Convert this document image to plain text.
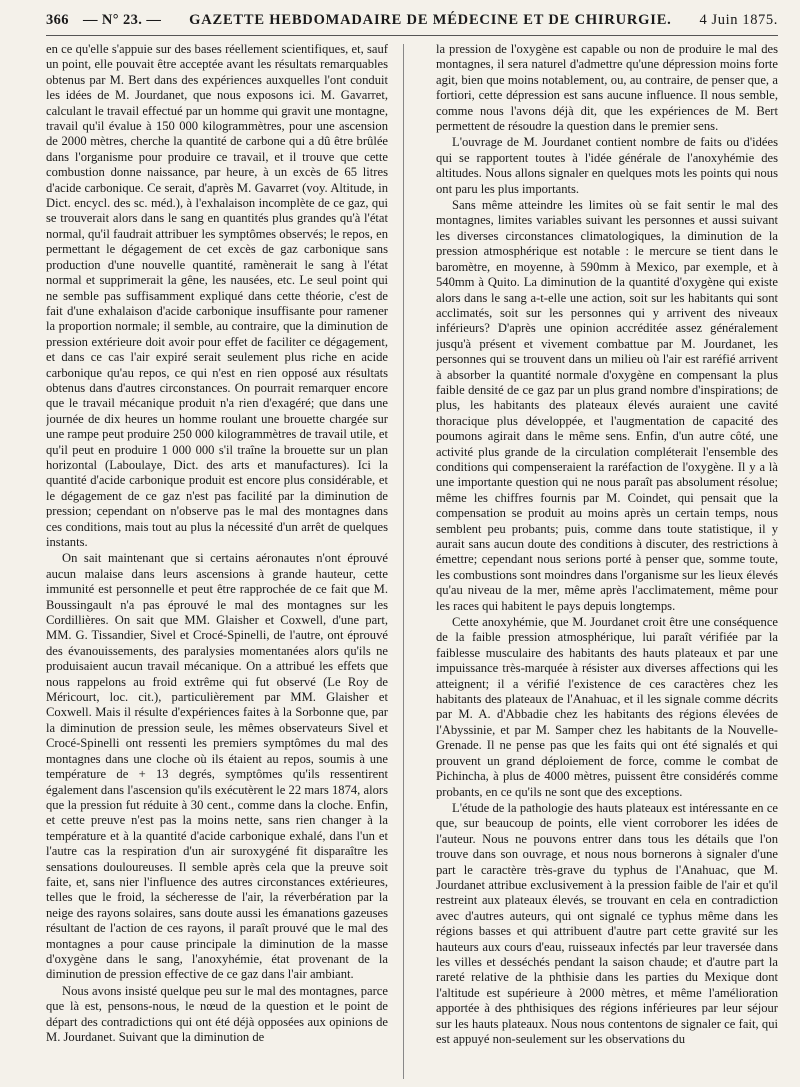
366 — N° 23. — GAZETTE HEBDOMADAIRE DE MÉDECINE ET DE CHIRURGIE. 4 Juin 1875.

en ce qu'elle s'appuie sur des bases réellement scientifiques, et, sauf un point, elle pouvait être acceptée avant les résultats remarquables obtenus par M. Bert dans des expériences auxquelles l'ont conduit les idées de M. Jourdanet, que nous exposons ici. M. Gavarret, calculant le travail effectué par un homme qui gravit une montagne, travail qu'il évalue à 150 000 kilogrammètres, pour une ascension de 2000 mètres, cherche la quantité de carbone qui a dû être brûlée dans l'organisme pour produire ce travail, et il trouve que cette combustion donne naissance, par heure, à un excès de 65 litres d'acide carbonique. Ce serait, d'après M. Gavarret (voy. Altitude, in Dict. encycl. des sc. méd.), à l'exhalaison incomplète de ce gaz, qui se trouverait alors dans le sang en quantités plus grandes qu'à l'état normal, qu'il faudrait attribuer les symptômes observés; le repos, en permettant le dégagement de cet excès de gaz carbonique sans production d'une nouvelle quantité, ramènerait le sang à l'état normal et supprimerait la gêne, les nausées, etc. Le seul point qui ne semble pas suffisamment expliqué dans cette théorie, c'est de fait d'une exhalaison d'acide carbonique insuffisante pour ramener la proportion normale; il semble, au contraire, que la diminution de pression extérieure doit avoir pour effet de faciliter ce dégagement, et dans ce cas l'air expiré serait seulement plus riche en acide carbonique qu'au repos, ce qui n'est en rien opposé aux résultats obtenus dans d'autres circonstances. On pourrait remarquer encore que le travail mécanique produit n'a rien d'exagéré; que dans une journée de dix heures un homme roulant une brouette chargée sur une rampe peut produire 250 000 kilogrammètres de travail utile, et qu'il peut en produire 1 000 000 s'il traîne la brouette sur un plan horizontal (Laboulaye, Dict. des arts et manufactures). Ici la quantité d'acide carbonique produit est encore plus considérable, et le dégagement de ce gaz n'est pas facilité par la diminution de pression; cependant on n'observe pas le mal des montagnes dans ces conditions, mais tout au plus la nécessité d'un arrêt de quelques instants.

On sait maintenant que si certains aéronautes n'ont éprouvé aucun malaise dans leurs ascensions à grande hauteur, cette immunité est personnelle et peut être rapprochée de ce fait que M. Boussingault n'a pas éprouvé le mal des montagnes sur les Cordillières. On sait que MM. Glaisher et Coxwell, d'une part, MM. G. Tissandier, Sivel et Crocé-Spinelli, de l'autre, ont éprouvé des évanouissements, des paralysies momentanées alors qu'ils ne produisaient aucun travail mécanique. On a attribué les effets que nous rappelons au froid extrême qui fut observé (Le Roy de Méricourt, loc. cit.), particulièrement par MM. Glaisher et Coxwell. Mais il résulte d'expériences faites à la Sorbonne que, par la diminution de pression seule, les mêmes observateurs Sivel et Crocé-Spinelli ont ressenti les premiers symptômes du mal des montagnes dans une cloche où ils étaient au repos, soumis à une température de + 13 degrés, symptômes qu'ils ressentirent également dans l'ascension qu'ils exécutèrent le 22 mars 1874, alors que la pression fut réduite à 30 cent., comme dans la cloche. Enfin, et cette preuve n'est pas la moins nette, sans rien changer à la température et à la quantité d'acide carbonique exhalé, dans l'un et l'autre cas la respiration d'un air suroxygéné fit disparaître les sensations douloureuses. Il semble après cela que la preuve soit faite, et, sans nier l'influence des autres circonstances extérieures, telles que le froid, la sécheresse de l'air, la réverbération par la neige des rayons solaires, sans doute aussi les émanations gazeuses résultant de l'action de ces rayons, il paraît prouvé que le mal des montagnes a pour cause principale la diminution de la masse d'oxygène dans le sang, l'anoxyhémie, état provenant de la diminution de pression effective de ce gaz dans l'air ambiant.

Nous avons insisté quelque peu sur le mal des montagnes, parce que là est, pensons-nous, le nœud de la question et le point de départ des contradictions qui ont été déjà opposées aux opinions de M. Jourdanet. Suivant que la diminution de

la pression de l'oxygène est capable ou non de produire le mal des montagnes, il sera naturel d'admettre qu'une dépression moins forte agit, bien que moins notablement, ou, au contraire, de penser que, a fortiori, cette dépression est sans aucune influence. Il nous semble, comme nous l'avons déjà dit, que les expériences de M. Bert permettent de résoudre la question dans le premier sens.

L'ouvrage de M. Jourdanet contient nombre de faits ou d'idées qui se rapportent toutes à l'idée générale de l'anoxyhémie des altitudes. Nous allons signaler en quelques mots les points qui nous ont paru les plus importants.

Sans même atteindre les limites où se fait sentir le mal des montagnes, limites variables suivant les personnes et aussi suivant les diverses circonstances climatologiques, la diminution de la pression atmosphérique est notable : le mercure se tient dans le baromètre, en moyenne, à 590mm à Mexico, par exemple, et à 540mm à Quito. La diminution de la quantité d'oxygène qui existe alors dans le sang a-t-elle une action, soit sur les habitants qui sont acclimatés, soit sur les personnes qui y arrivent des niveaux inférieurs? D'après une opinion accréditée assez généralement jusqu'à présent et vivement combattue par M. Jourdanet, les personnes qui se trouvent dans un milieu où l'air est raréfié arrivent à absorber la quantité normale d'oxygène en compensant la plus faible densité de ce gaz par un plus grand nombre d'inspirations; de plus, les habitants des plateaux élevés auraient une cavité thoracique plus développée, et l'augmentation de capacité des poumons agirait dans le même sens. Enfin, d'un autre côté, une activité plus grande de la circulation compléterait l'ensemble des conditions qui compenseraient la raréfaction de l'oxygène. Il y a là une importante question qui ne nous paraît pas absolument résolue; même les chiffres fournis par M. Coindet, qui pensait que la compensation se produit au moins après un certain temps, nous semblent peu probants; puis, comme dans toute statistique, il y aurait sans aucun doute des conditions à discuter, des restrictions à émettre; cependant nous serions porté à penser que, somme toute, les combustions sont moindres dans l'organisme sur les lieux élevés qu'au niveau de la mer, même après l'acclimatement, même pour les races qui habitent le pays depuis longtemps.

Cette anoxyhémie, que M. Jourdanet croit être une conséquence de la faible pression atmosphérique, lui paraît vérifiée par la faiblesse musculaire des habitants des hauts plateaux et par une impuissance très-marquée à résister aux diverses affections qui les atteignent; il a vérifié l'existence de ces caractères chez les habitants des plateaux de l'Anahuac, et il les signale comme décrits par M. A. d'Abbadie chez les habitants des régions élevées de l'Abyssinie, et par M. Samper chez les habitants de la Nouvelle-Grenade. Il ne pense pas que les faits qui ont été signalés et qui prouvent un grand déploiement de force, comme le combat de Pichincha, à plus de 4000 mètres, puissent être considérés comme probants, en ce qu'ils ne sont que des exceptions.

L'étude de la pathologie des hauts plateaux est intéressante en ce que, sur beaucoup de points, elle vient corroborer les idées de l'auteur. Nous ne pouvons entrer dans tous les détails que l'on trouve dans son ouvrage, et nous nous bornerons à signaler d'une part le caractère très-grave du typhus de l'Anahuac, que M. Jourdanet attribue exclusivement à la pression faible de l'air et qu'il restreint aux plateaux élevés, se trouvant en cela en contradiction avec d'autres auteurs, qui ont signalé ce typhus même dans les régions basses et qui attribuent d'autre part cette gravité sur les hauteurs aux cours d'eau, ruisseaux infectés par leur traversée dans les villes et desséchés pendant la saison chaude; et d'autre part la rareté relative de la phthisie dans les parties du Mexique dont l'altitude est supérieure à 2000 mètres, et même l'amélioration apportée à des phthisiques des régions inférieures par leur séjour sur les hauts plateaux. Nous nous contentons de signaler ce fait, qui est appuyé non-seulement sur les observations du
